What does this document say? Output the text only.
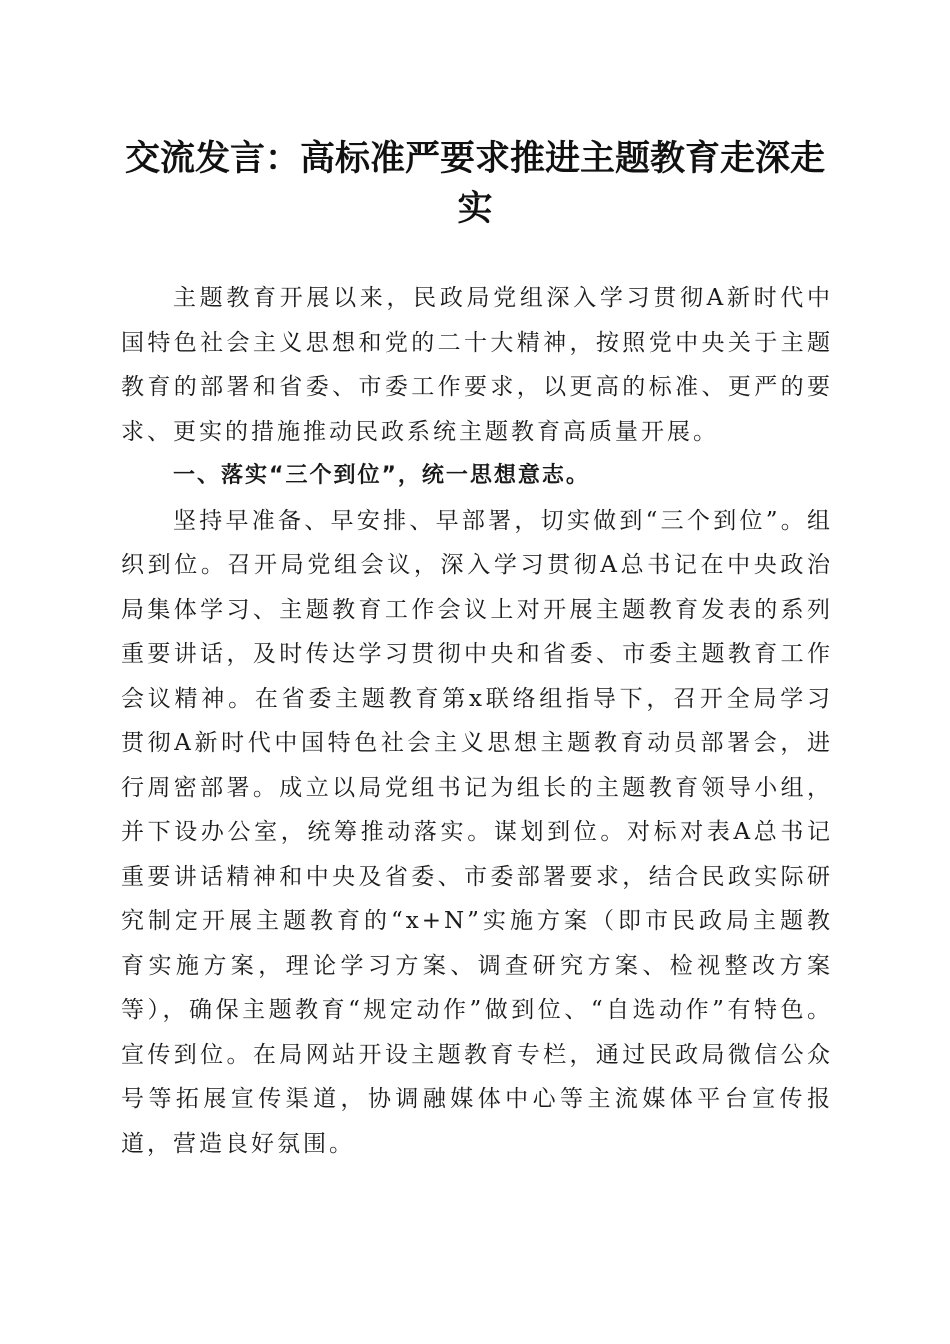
交流发言：高标准严要求推进主题教育走深走实

主题教育开展以来，民政局党组深入学习贯彻A新时代中国特色社会主义思想和党的二十大精神，按照党中央关于主题教育的部署和省委、市委工作要求，以更高的标准、更严的要求、更实的措施推动民政系统主题教育高质量开展。

一、落实“三个到位”，统一思想意志。

坚持早准备、早安排、早部署，切实做到“三个到位”。组织到位。召开局党组会议，深入学习贯彻A总书记在中央政治局集体学习、主题教育工作会议上对开展主题教育发表的系列重要讲话，及时传达学习贯彻中央和省委、市委主题教育工作会议精神。在省委主题教育第x联络组指导下，召开全局学习贯彻A新时代中国特色社会主义思想主题教育动员部署会，进行周密部署。成立以局党组书记为组长的主题教育领导小组，并下设办公室，统筹推动落实。谋划到位。对标对表A总书记重要讲话精神和中央及省委、市委部署要求，结合民政实际研究制定开展主题教育的“x+N”实施方案（即市民政局主题教育实施方案，理论学习方案、调查研究方案、检视整改方案等），确保主题教育“规定动作”做到位、“自选动作”有特色。宣传到位。在局网站开设主题教育专栏，通过民政局微信公众号等拓展宣传渠道，协调融媒体中心等主流媒体平台宣传报道，营造良好氛围。
